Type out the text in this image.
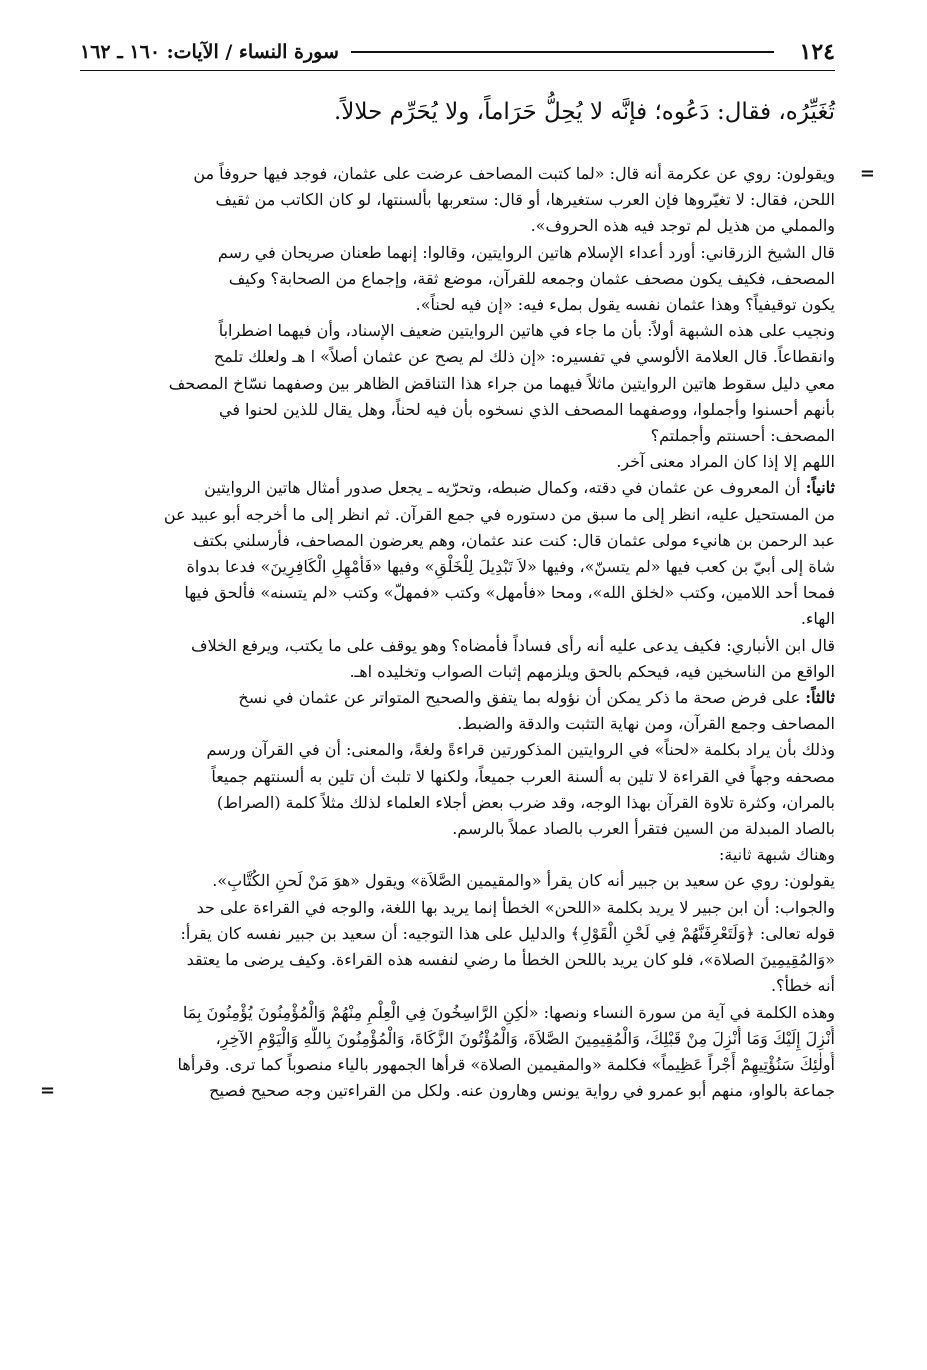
١٢٤
سورة النساء / الآيات: ١٦٠ ـ ١٦٢
تُغَيِّرُه، فقال: دَعُوه؛ فإنَّه لا يُحِلُّ حَرَاماً، ولا يُحَرِّم حلالاً.
=
=
ويقولون: روي عن عكرمة أنه قال: «لما كتبت المصاحف عرضت على عثمان، فوجد فيها حروفاً من
اللحن، فقال: لا تغيّروها فإن العرب ستغيرها، أو قال: ستعربها بألسنتها، لو كان الكاتب من ثقيف
والمملي من هذيل لم توجد فيه هذه الحروف».
قال الشيخ الزرقاني: أورد أعداء الإسلام هاتين الروايتين، وقالوا: إنهما طعنان صريحان في رسم
المصحف، فكيف يكون مصحف عثمان وجمعه للقرآن، موضع ثقة، وإجماع من الصحابة؟ وكيف
يكون توقيفياً؟ وهذا عثمان نفسه يقول بملء فيه: «إن فيه لحناً».
ونجيب على هذه الشبهة أولاً: بأن ما جاء في هاتين الروايتين ضعيف الإسناد، وأن فيهما اضطراباً
وانقطاعاً. قال العلامة الألوسي في تفسيره: «إن ذلك لم يصح عن عثمان أصلاً» ا هـ ولعلك تلمح
معي دليل سقوط هاتين الروايتين ماثلاً فيهما من جراء هذا التناقض الظاهر بين وصفهما نسّاخ المصحف
بأنهم أحسنوا وأجملوا، ووصفهما المصحف الذي نسخوه بأن فيه لحناً، وهل يقال للذين لحنوا في
المصحف: أحسنتم وأجملتم؟
اللهم إلا إذا كان المراد معنى آخر.
ثانياً: أن المعروف عن عثمان في دقته، وكمال ضبطه، وتحرّيه ـ يجعل صدور أمثال هاتين الروايتين
من المستحيل عليه، انظر إلى ما سبق من دستوره في جمع القرآن. ثم انظر إلى ما أخرجه أبو عبيد عن
عبد الرحمن بن هانيء مولى عثمان قال: كنت عند عثمان، وهم يعرضون المصاحف، فأرسلني بكتف
شاة إلى أبيّ بن كعب فيها «لم يتسنّ»، وفيها «لاَ تَبْدِيلَ لِلْخَلْقِ» وفيها «فَأَمْهِلِ الْكَافِرِينَ» فدعا بدواة
فمحا أحد اللامين، وكتب «لخلق الله»، ومحا «فأمهل» وكتب «فمهلّ» وكتب «لم يتسنه» فألحق فيها
الهاء.
قال ابن الأنباري: فكيف يدعى عليه أنه رأى فساداً فأمضاه؟ وهو يوقف على ما يكتب، ويرفع الخلاف
الواقع من الناسخين فيه، فيحكم بالحق ويلزمهم إثبات الصواب وتخليده اهـ.
ثالثاً: على فرض صحة ما ذكر يمكن أن نؤوله بما يتفق والصحيح المتواتر عن عثمان في نسخ
المصاحف وجمع القرآن، ومن نهاية التثبت والدقة والضبط.
وذلك بأن يراد بكلمة «لحناً» في الروايتين المذكورتين قراءةً ولغةً، والمعنى: أن في القرآن ورسم
مصحفه وجهاً في القراءة لا تلين به ألسنة العرب جميعاً، ولكنها لا تلبث أن تلين به ألسنتهم جميعاً
بالمران، وكثرة تلاوة القرآن بهذا الوجه، وقد ضرب بعض أجلاء العلماء لذلك مثلاً كلمة (الصراط)
بالصاد المبدلة من السين فتقرأ العرب بالصاد عملاً بالرسم.
وهناك شبهة ثانية:
يقولون: روي عن سعيد بن جبير أنه كان يقرأ «والمقيمين الصَّلاَة» ويقول «هوَ مَنْ لَحنِ الكُتَّابِ».
والجواب: أن ابن جبير لا يريد بكلمة «اللحن» الخطأ إنما يريد بها اللغة، والوجه في القراءة على حد
قوله تعالى: ﴿وَلَتَعْرِفَنَّهُمْ فِي لَحْنِ الْقَوْلِ﴾ والدليل على هذا التوجيه: أن سعيد بن جبير نفسه كان يقرأ:
«وَالمُقِيمِينَ الصلاة»، فلو كان يريد باللحن الخطأ ما رضي لنفسه هذه القراءة. وكيف يرضى ما يعتقد
أنه خطأ؟.
وهذه الكلمة في آية من سورة النساء ونصها: «لٰكِنِ الرَّاسِخُونَ فِي الْعِلْمِ مِنْهُمْ وَالْمُؤْمِنُونَ يُؤْمِنُونَ بِمَا
أُنْزِلَ إِلَيْكَ وَمَا أُنْزِلَ مِنْ قَبْلِكَ، وَالْمُقِيمِينَ الصَّلاَةَ، وَالْمُؤْتُونَ الزَّكَاةَ، وَالْمُؤْمِنُونَ بِاللَّهِ وَالْيَوْمِ الآخِرِ،
أُولٰئِكَ سَنُؤْتِيهِمْ أَجْراً عَظِيماً» فكلمة «والمقيمين الصلاة» قرأها الجمهور بالياء منصوباً كما ترى. وقرأها
جماعة بالواو، منهم أبو عمرو في رواية يونس وهارون عنه. ولكل من القراءتين وجه صحيح فصيح
